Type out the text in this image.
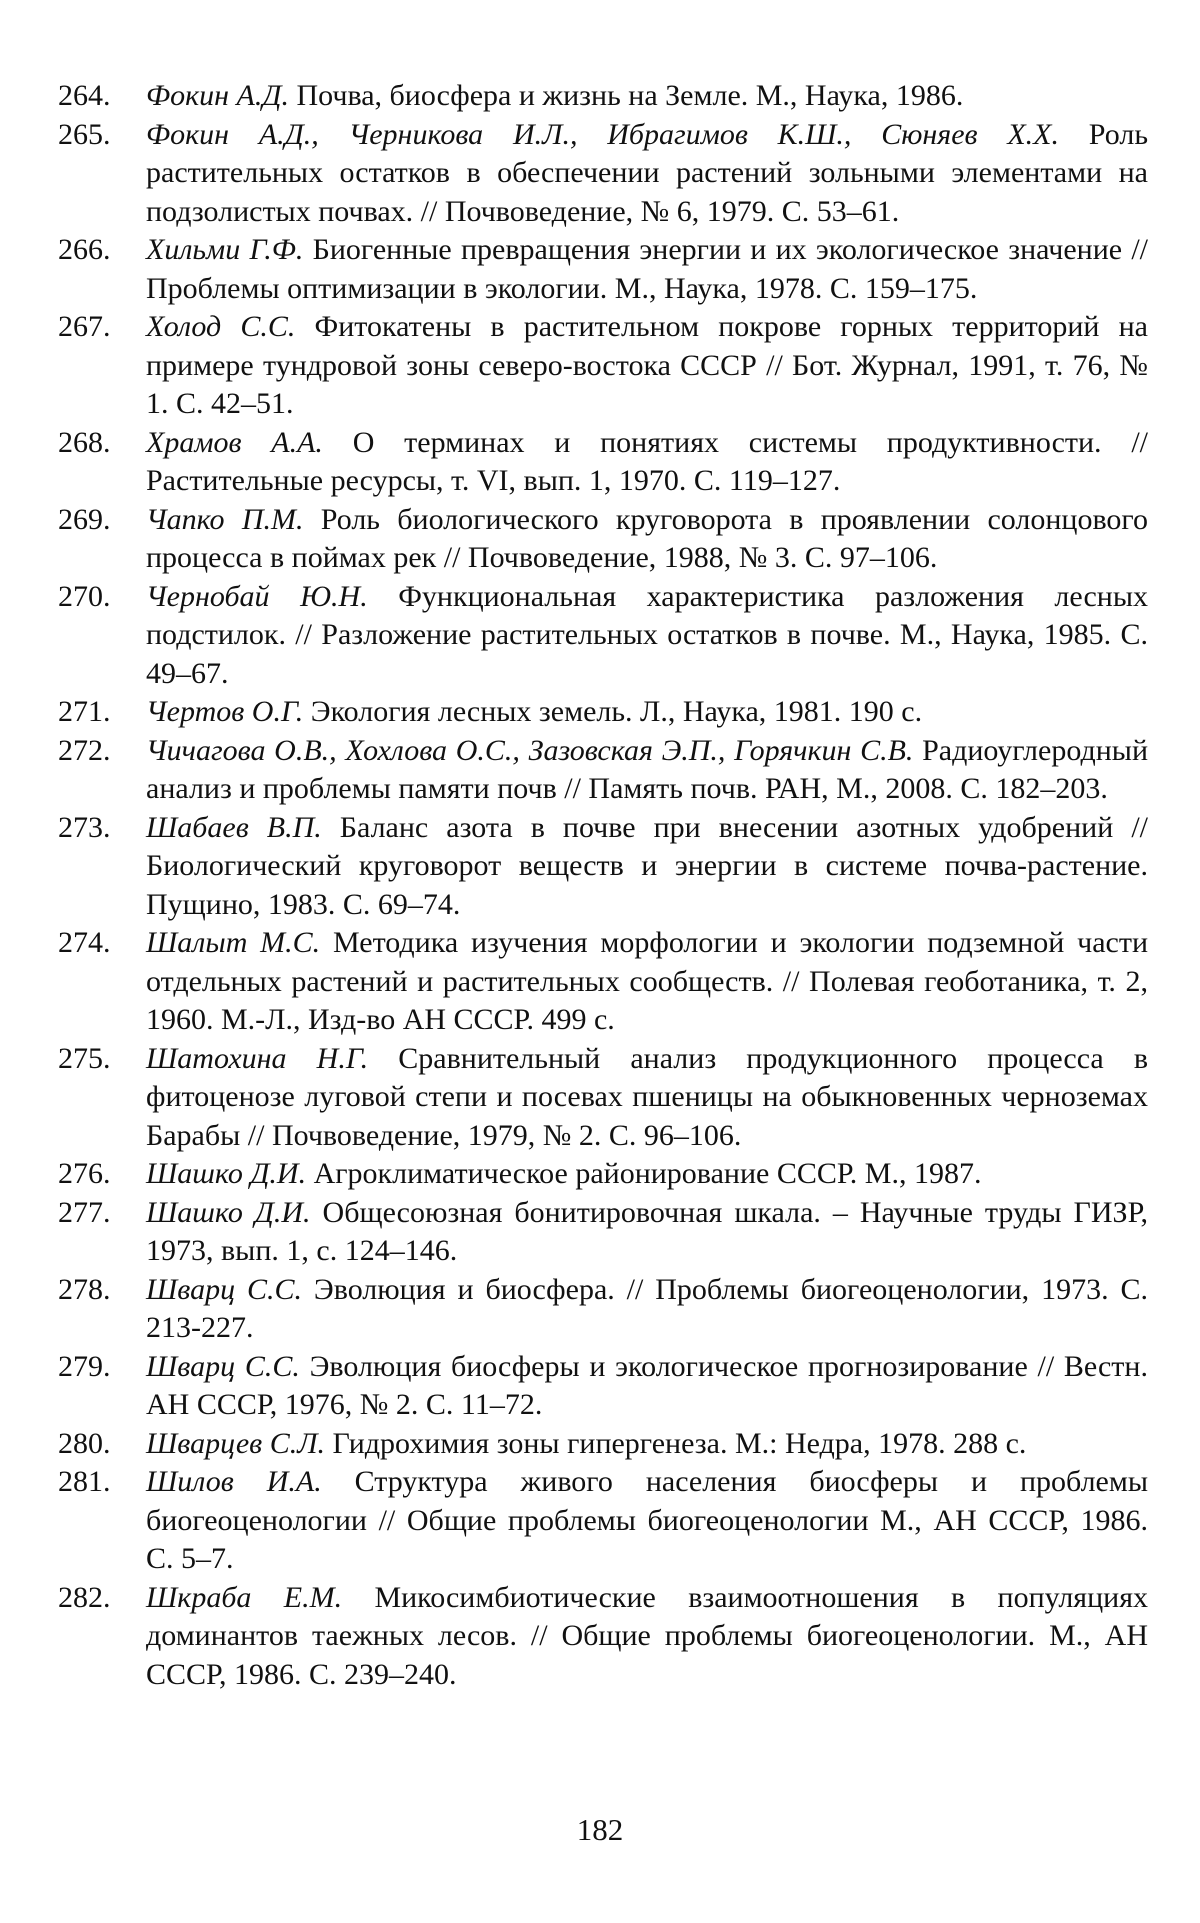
264. Фокин А.Д. Почва, биосфера и жизнь на Земле. М., Наука, 1986.
265. Фокин А.Д., Черникова И.Л., Ибрагимов К.Ш., Сюняев Х.Х. Роль растительных остатков в обеспечении растений зольными элементами на подзолистых почвах. // Почвоведение, № 6, 1979. С. 53–61.
266. Хильми Г.Ф. Биогенные превращения энергии и их экологическое значение // Проблемы оптимизации в экологии. М., Наука, 1978. С. 159–175.
267. Холод С.С. Фитокатены в растительном покрове горных территорий на примере тундровой зоны северо-востока СССР // Бот. Журнал, 1991, т. 76, № 1. С. 42–51.
268. Храмов А.А. О терминах и понятиях системы продуктивности. // Растительные ресурсы, т. VI, вып. 1, 1970. С. 119–127.
269. Чапко П.М. Роль биологического круговорота в проявлении солонцового процесса в поймах рек // Почвоведение, 1988, № 3. С. 97–106.
270. Чернобай Ю.Н. Функциональная характеристика разложения лесных подстилок. // Разложение растительных остатков в почве. М., Наука, 1985. С. 49–67.
271. Чертов О.Г. Экология лесных земель. Л., Наука, 1981. 190 с.
272. Чичагова О.В., Хохлова О.С., Зазовская Э.П., Горячкин С.В. Радиоуглеродный анализ и проблемы памяти почв // Память почв. РАН, М., 2008. С. 182–203.
273. Шабаев В.П. Баланс азота в почве при внесении азотных удобрений // Биологический круговорот веществ и энергии в системе почва-растение. Пущино, 1983. С. 69–74.
274. Шалыт М.С. Методика изучения морфологии и экологии подземной части отдельных растений и растительных сообществ. // Полевая геоботаника, т. 2, 1960. М.-Л., Изд-во АН СССР. 499 с.
275. Шатохина Н.Г. Сравнительный анализ продукционного процесса в фитоценозе луговой степи и посевах пшеницы на обыкновенных черноземах Барабы // Почвоведение, 1979, № 2. С. 96–106.
276. Шашко Д.И. Агроклиматическое районирование СССР. М., 1987.
277. Шашко Д.И. Общесоюзная бонитировочная шкала. – Научные труды ГИЗР, 1973, вып. 1, с. 124–146.
278. Шварц С.С. Эволюция и биосфера. // Проблемы биогеоценологии, 1973. С. 213-227.
279. Шварц С.С. Эволюция биосферы и экологическое прогнозирование // Вестн. АН СССР, 1976, № 2. С. 11–72.
280. Шварцев С.Л. Гидрохимия зоны гипергенеза. М.: Недра, 1978. 288 с.
281. Шилов И.А. Структура живого населения биосферы и проблемы биогеоценологии // Общие проблемы биогеоценологии М., АН СССР, 1986. С. 5–7.
282. Шкраба Е.М. Микосимбиотические взаимоотношения в популяциях доминантов таежных лесов. // Общие проблемы биогеоценологии. М., АН СССР, 1986. С. 239–240.
182
